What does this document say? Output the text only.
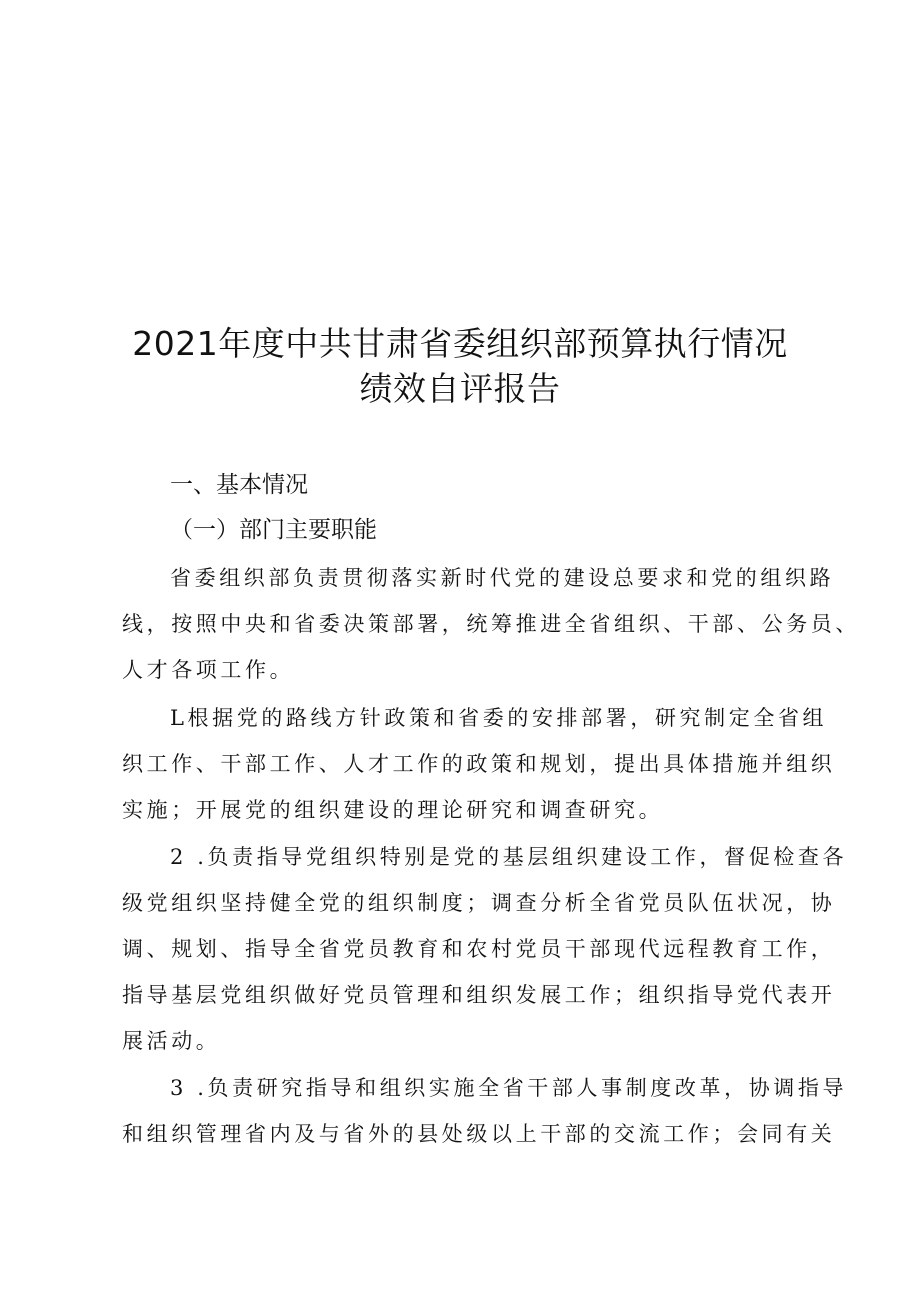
2021年度中共甘肃省委组织部预算执行情况
绩效自评报告
一、基本情况
（一）部门主要职能
省委组织部负责贯彻落实新时代党的建设总要求和党的组织路
线，按照中央和省委决策部署，统筹推进全省组织、干部、公务员、
人才各项工作。
L根据党的路线方针政策和省委的安排部署，研究制定全省组
织工作、干部工作、人才工作的政策和规划，提出具体措施并组织
实施；开展党的组织建设的理论研究和调查研究。
2 .负责指导党组织特别是党的基层组织建设工作，督促检查各
级党组织坚持健全党的组织制度；调查分析全省党员队伍状况，协
调、规划、指导全省党员教育和农村党员干部现代远程教育工作，
指导基层党组织做好党员管理和组织发展工作；组织指导党代表开
展活动。
3 .负责研究指导和组织实施全省干部人事制度改革，协调指导
和组织管理省内及与省外的县处级以上干部的交流工作；会同有关
